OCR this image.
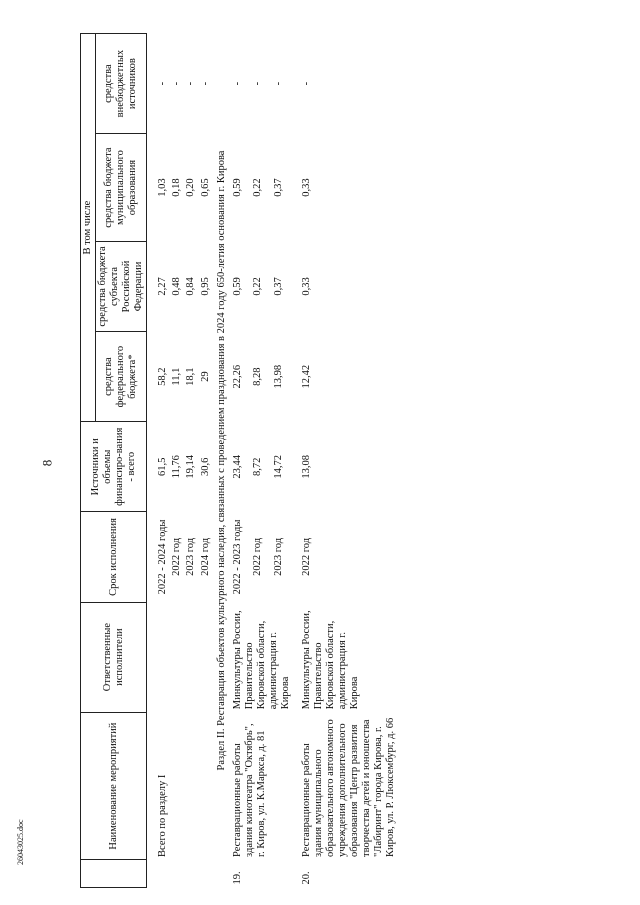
8
26043025.doc
		Наименование мероприятий	Ответственные исполнители	Срок исполнения	Источники и объемы финансиро-вания - всего	В том числе			
					средства федерального бюджета*	средства бюджета субъекта Российской Федерации	средства бюджета муниципального образования	средства внебюджетных источников
	Всего по разделу I		2022 - 2024 годы	61,5	58,2	2,27	1,03	-
			2022 год	11,76	11,1	0,48	0,18	-
			2023 год	19,14	18,1	0,84	0,20	-
			2024 год	30,6	29	0,95	0,65	-
Раздел II. Реставрация объектов культурного наследия, связанных с проведением празднования в 2024 году 650-летия основания г. Кирова								
19.	Реставрационные работы здания кинотеатра "Октябрь", г. Киров, ул. К.Маркса, д. 81	Минкультуры России, Правительство Кировской области, администрация г. Кирова	2022 - 2023 годы	23,44	22,26	0,59	0,59	-
			2022 год	8,72	8,28	0,22	0,22	-
			2023 год	14,72	13,98	0,37	0,37	-
20.	Реставрационные работы здания муниципального образовательного автономного учреждения дополнительного образования "Центр развития творчества детей и юношества "Лабиринт" города Кирова, г. Киров, ул. Р. Люксембург, д. 66	Минкультуры России, Правительство Кировской области, администрация г. Кирова	2022 год	13,08	12,42	0,33	0,33	-
